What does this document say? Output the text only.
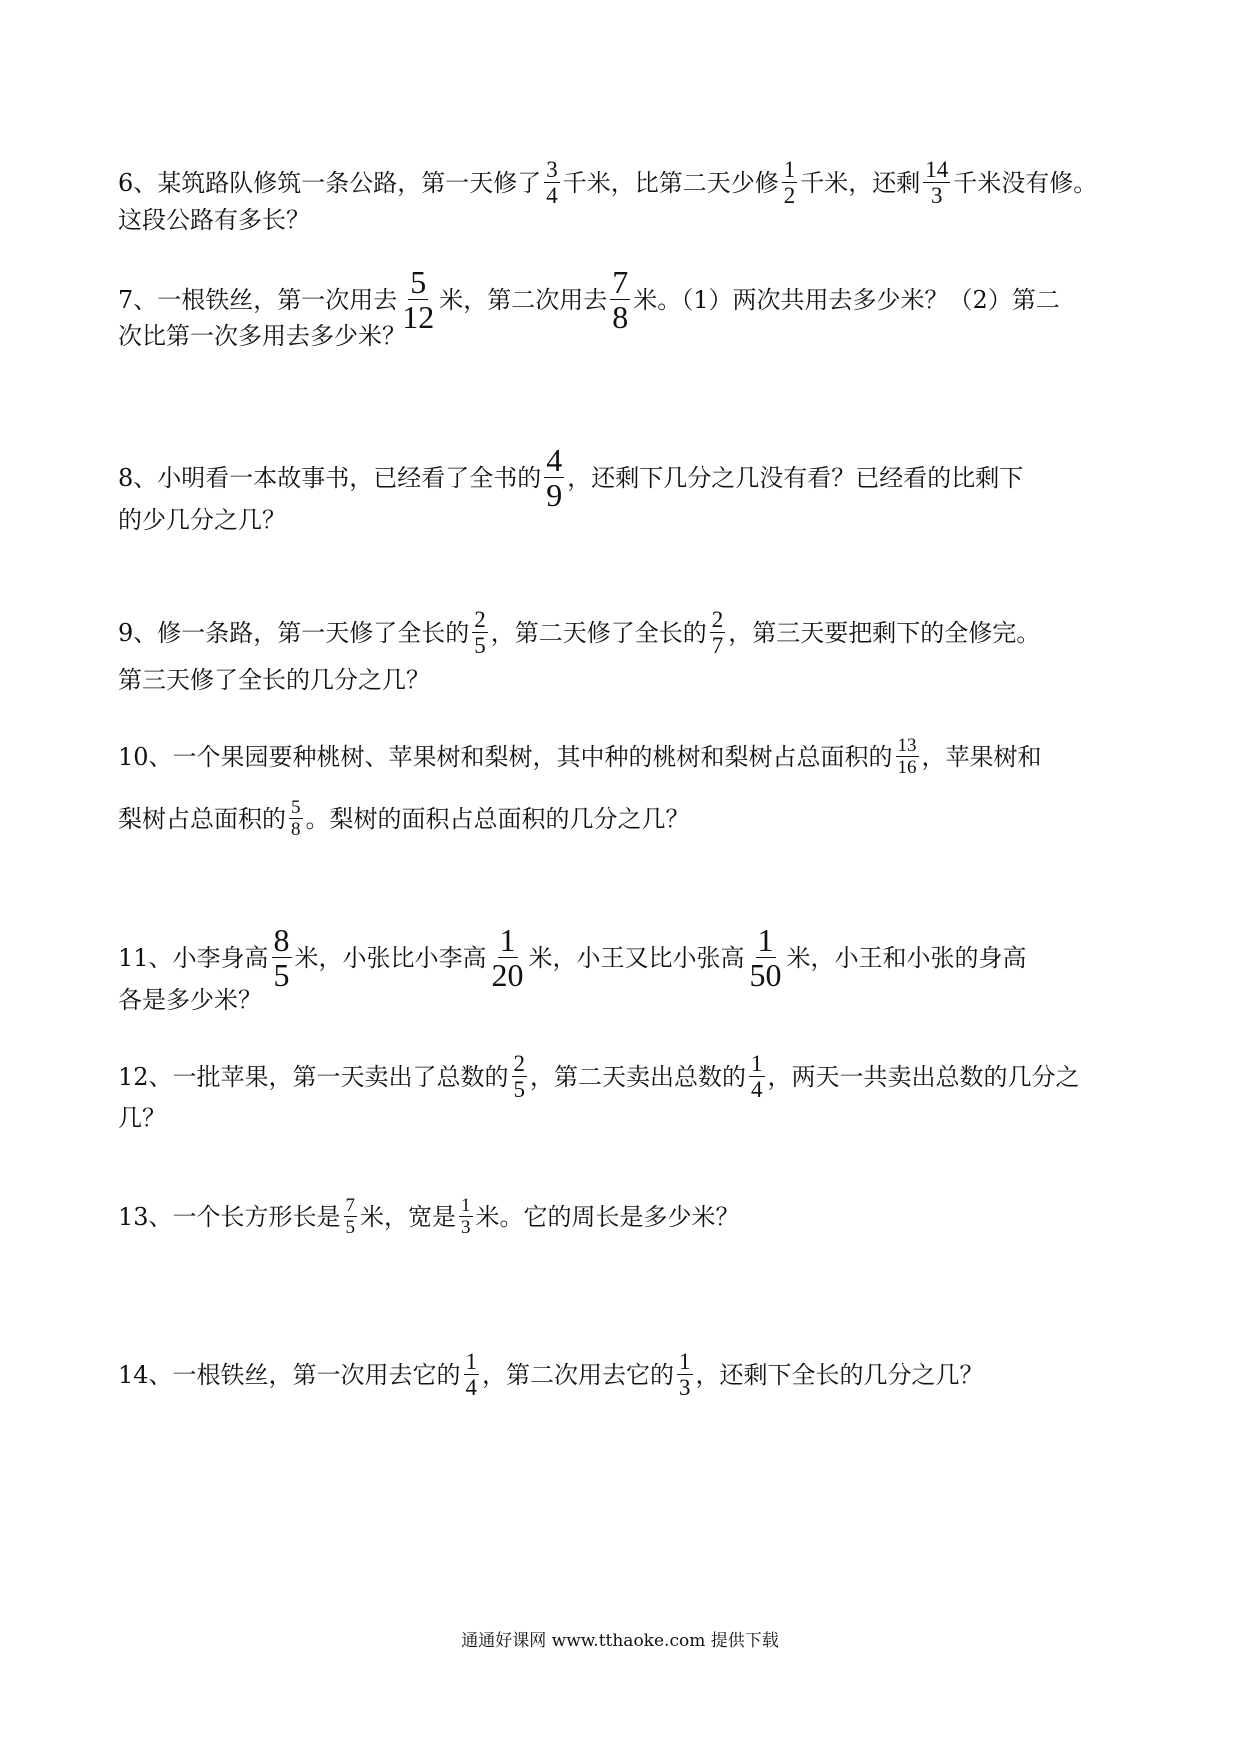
6、某筑路队修筑一条公路，第一天修了 $\frac{3}{4}$ 千米，比第二天少修 $\frac{1}{2}$ 千米，还剩 $\frac{14}{3}$ 千米没有修。
这段公路有多长？
7、一根铁丝，第一次用去 $\frac{5}{12}$ 米，第二次用去 $\frac{7}{8}$ 米。（1）两次共用去多少米？（2）第二
次比第一次多用去多少米？
8、小明看一本故事书，已经看了全书的 $\frac{4}{9}$ ，还剩下几分之几没有看？已经看的比剩下
的少几分之几？
9、修一条路，第一天修了全长的 $\frac{2}{5}$ ，第二天修了全长的 $\frac{2}{7}$ ，第三天要把剩下的全修完。
第三天修了全长的几分之几？
10、一个果园要种桃树、苹果树和梨树，其中种的桃树和梨树占总面积的 $\frac{13}{16}$ ，苹果树和
梨树占总面积的 $\frac{5}{8}$ 。梨树的面积占总面积的几分之几？
11、小李身高 $\frac{8}{5}$ 米，小张比小李高 $\frac{1}{20}$ 米，小王又比小张高 $\frac{1}{50}$ 米，小王和小张的身高
各是多少米？
12、一批苹果，第一天卖出了总数的 $\frac{2}{5}$ ，第二天卖出总数的 $\frac{1}{4}$ ，两天一共卖出总数的几分之
几？
13、一个长方形长是 $\frac{7}{5}$ 米，宽是 $\frac{1}{3}$ 米。它的周长是多少米？
14、一根铁丝，第一次用去它的 $\frac{1}{4}$ ，第二次用去它的 $\frac{1}{3}$ ，还剩下全长的几分之几？
通通好课网 www.tthaoke.com 提供下载
